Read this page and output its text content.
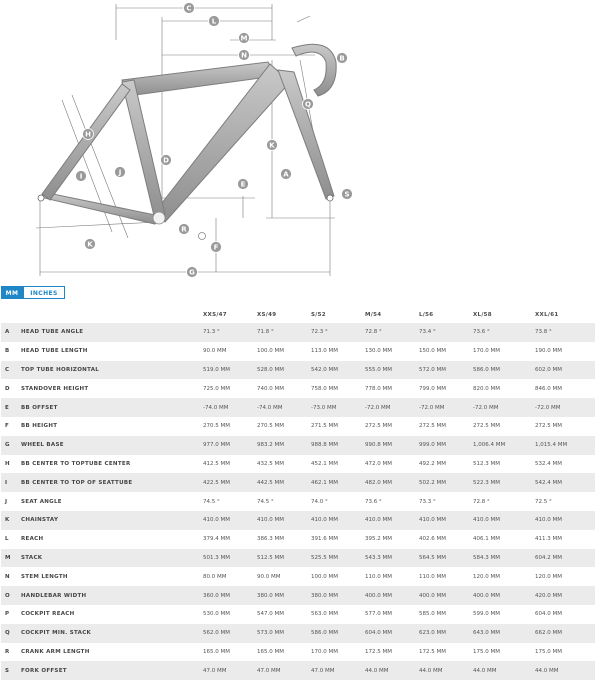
C
L
M
N	B
Q
K
H
D
J
I	A
E
S
R
K	F
G
MM	INCHES
		XXS/47	XS/49	S/52	M/54	L/56	XL/58	XXL/61
A	HEAD TUBE ANGLE	71.3 °	71.8 °	72.3 °	72.8 °	73.4 °	73.6 °	73.8 °
B	HEAD TUBE LENGTH	90.0 MM	100.0 MM	113.0 MM	130.0 MM	150.0 MM	170.0 MM	190.0 MM
C	TOP TUBE HORIZONTAL	519.0 MM	528.0 MM	542.0 MM	555.0 MM	572.0 MM	586.0 MM	602.0 MM
D	STANDOVER HEIGHT	725.0 MM	740.0 MM	758.0 MM	778.0 MM	799.0 MM	820.0 MM	846.0 MM
E	BB OFFSET	-74.0 MM	-74.0 MM	-73.0 MM	-72.0 MM	-72.0 MM	-72.0 MM	-72.0 MM
F	BB HEIGHT	270.5 MM	270.5 MM	271.5 MM	272.5 MM	272.5 MM	272.5 MM	272.5 MM
G	WHEEL BASE	977.0 MM	983.2 MM	988.8 MM	990.8 MM	999.0 MM	1,006.4 MM	1,015.4 MM
H	BB CENTER TO TOPTUBE CENTER	412.5 MM	432.5 MM	452.1 MM	472.0 MM	492.2 MM	512.3 MM	532.4 MM
I	BB CENTER TO TOP OF SEATTUBE	422.5 MM	442.5 MM	462.1 MM	482.0 MM	502.2 MM	522.3 MM	542.4 MM
J	SEAT ANGLE	74.5 °	74.5 °	74.0 °	73.6 °	73.3 °	72.8 °	72.5 °
K	CHAINSTAY	410.0 MM	410.0 MM	410.0 MM	410.0 MM	410.0 MM	410.0 MM	410.0 MM
L	REACH	379.4 MM	386.3 MM	391.6 MM	395.2 MM	402.6 MM	406.1 MM	411.3 MM
M	STACK	501.3 MM	512.5 MM	525.5 MM	543.3 MM	564.5 MM	584.3 MM	604.2 MM
N	STEM LENGTH	80.0 MM	90.0 MM	100.0 MM	110.0 MM	110.0 MM	120.0 MM	120.0 MM
O	HANDLEBAR WIDTH	360.0 MM	380.0 MM	380.0 MM	400.0 MM	400.0 MM	400.0 MM	420.0 MM
P	COCKPIT REACH	530.0 MM	547.0 MM	563.0 MM	577.0 MM	585.0 MM	599.0 MM	604.0 MM
Q	COCKPIT MIN. STACK	562.0 MM	573.0 MM	586.0 MM	604.0 MM	623.0 MM	643.0 MM	662.0 MM
R	CRANK ARM LENGTH	165.0 MM	165.0 MM	170.0 MM	172.5 MM	172.5 MM	175.0 MM	175.0 MM
S	FORK OFFSET	47.0 MM	47.0 MM	47.0 MM	44.0 MM	44.0 MM	44.0 MM	44.0 MM
